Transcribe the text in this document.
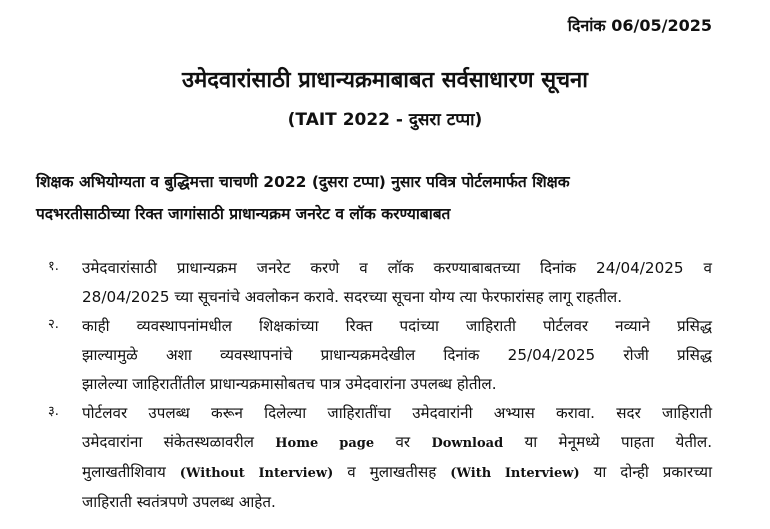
दिनांक 06/05/2025
उमेदवारांसाठी प्राधान्यक्रमाबाबत सर्वसाधारण सूचना
(TAIT 2022 - दुसरा टप्पा)
शिक्षक अभियोग्यता व बुद्धिमत्ता चाचणी 2022 (दुसरा टप्पा) नुसार पवित्र पोर्टलमार्फत शिक्षक
पदभरतीसाठीच्या रिक्त जागांसाठी प्राधान्यक्रम जनरेट व लॉक करण्याबाबत
१. उमेदवारांसाठी प्राधान्यक्रम जनरेट करणे व लॉक करण्याबाबतच्या दिनांक 24/04/2025 व
28/04/2025 च्या सूचनांचे अवलोकन करावे. सदरच्या सूचना योग्य त्या फेरफारांसह लागू राहतील.
२. काही व्यवस्थापनांमधील शिक्षकांच्या रिक्त पदांच्या जाहिराती पोर्टलवर नव्याने प्रसिद्ध
झाल्यामुळे अशा व्यवस्थापनांचे प्राधान्यक्रमदेखील दिनांक 25/04/2025 रोजी प्रसिद्ध
झालेल्या जाहिरातींतील प्राधान्यक्रमासोबतच पात्र उमेदवारांना उपलब्ध होतील.
३. पोर्टलवर उपलब्ध करून दिलेल्या जाहिरातींचा उमेदवारांनी अभ्यास करावा. सदर जाहिराती
उमेदवारांना संकेतस्थळावरील Home page वर Download या मेनूमध्ये पाहता येतील.
मुलाखतीशिवाय (Without Interview) व मुलाखतीसह (With Interview) या दोन्ही प्रकारच्या
जाहिराती स्वतंत्रपणे उपलब्ध आहेत.
